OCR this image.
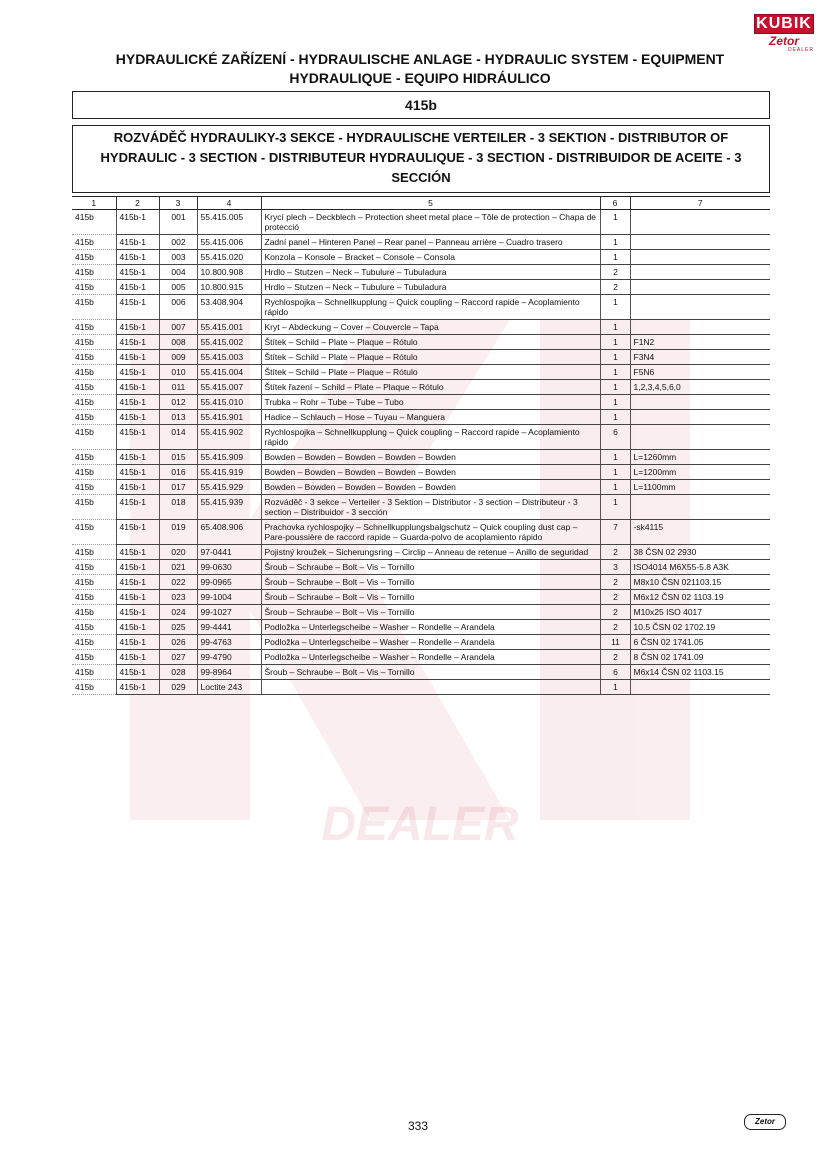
KUBIK
Zetor
DEALER
HYDRAULICKÉ ZAŘÍZENÍ - HYDRAULISCHE ANLAGE - HYDRAULIC SYSTEM - EQUIPMENT
HYDRAULIQUE - EQUIPO HIDRÁULICO
415b
ROZVÁDĚČ HYDRAULIKY-3 SEKCE - HYDRAULISCHE VERTEILER - 3 SEKTION - DISTRIBUTOR OF HYDRAULIC - 3 SECTION - DISTRIBUTEUR HYDRAULIQUE - 3 SECTION - DISTRIBUIDOR DE ACEITE - 3 SECCIÓN
DEALER
1	2	3	4	5	6	7
415b	415b-1	001	55.415.005	Krycí plech – Deckblech – Protection sheet metal place – Tôle de protection – Chapa de protecció	1	
415b	415b-1	002	55.415.006	Zadní panel – Hinteren Panel – Rear panel – Panneau arrière – Cuadro trasero	1	
415b	415b-1	003	55.415.020	Konzola – Konsole – Bracket – Console – Consola	1	
415b	415b-1	004	10.800.908	Hrdlo – Stutzen – Neck – Tubulure – Tubuladura	2	
415b	415b-1	005	10.800.915	Hrdlo – Stutzen – Neck – Tubulure – Tubuladura	2	
415b	415b-1	006	53.408.904	Rychlospojka – Schnellkupplung – Quick coupling – Raccord rapide – Acoplamiento rápido	1	
415b	415b-1	007	55.415.001	Kryt – Abdeckung – Cover – Couvercle – Tapa	1	
415b	415b-1	008	55.415.002	Štítek – Schild – Plate – Plaque – Rótulo	1	F1N2
415b	415b-1	009	55.415.003	Štítek – Schild – Plate – Plaque – Rótulo	1	F3N4
415b	415b-1	010	55.415.004	Štítek – Schild – Plate – Plaque – Rótulo	1	F5N6
415b	415b-1	011	55.415.007	Štítek řazení – Schild – Plate – Plaque – Rótulo	1	1,2,3,4,5,6,0
415b	415b-1	012	55.415.010	Trubka – Rohr – Tube – Tube – Tubo	1	
415b	415b-1	013	55.415.901	Hadice – Schlauch – Hose – Tuyau – Manguera	1	
415b	415b-1	014	55.415.902	Rychlospojka – Schnellkupplung – Quick coupling – Raccord rapide – Acoplamiento rápido	6	
415b	415b-1	015	55.415.909	Bowden – Bowden – Bowden – Bowden – Bowden	1	L=1260mm
415b	415b-1	016	55.415.919	Bowden – Bowden – Bowden – Bowden – Bowden	1	L=1200mm
415b	415b-1	017	55.415.929	Bowden – Bowden – Bowden – Bowden – Bowden	1	L=1100mm
415b	415b-1	018	55.415.939	Rozváděč - 3 sekce – Verteiler - 3 Sektion – Distributor - 3 section – Distributeur - 3 section – Distribuidor - 3 sección	1	
415b	415b-1	019	65.408.906	Prachovka rychlospojky – Schnellkupplungsbalgschutz – Quick coupling dust cap – Pare-poussière de raccord rapide – Guarda-polvo de acoplamiento rápido	7	-sk4115
415b	415b-1	020	97-0441	Pojistný kroužek – Sicherungsring – Circlip – Anneau de retenue – Anillo de seguridad	2	38 ČSN 02 2930
415b	415b-1	021	99-0630	Šroub – Schraube – Bolt – Vis – Tornillo	3	ISO4014 M6X55-5.8 A3K
415b	415b-1	022	99-0965	Šroub – Schraube – Bolt – Vis – Tornillo	2	M8x10 ČSN 021103.15
415b	415b-1	023	99-1004	Šroub – Schraube – Bolt – Vis – Tornillo	2	M6x12 ČSN 02 1103.19
415b	415b-1	024	99-1027	Šroub – Schraube – Bolt – Vis – Tornillo	2	M10x25 ISO 4017
415b	415b-1	025	99-4441	Podložka – Unterlegscheibe – Washer – Rondelle – Arandela	2	10.5 ČSN 02 1702.19
415b	415b-1	026	99-4763	Podložka – Unterlegscheibe – Washer – Rondelle – Arandela	11	6 ČSN 02 1741.05
415b	415b-1	027	99-4790	Podložka – Unterlegscheibe – Washer – Rondelle – Arandela	2	8 ČSN 02 1741.09
415b	415b-1	028	99-8964	Šroub – Schraube – Bolt – Vis – Tornillo	6	M6x14 ČSN 02 1103.15
415b	415b-1	029	Loctite 243		1	
333	Zetor
